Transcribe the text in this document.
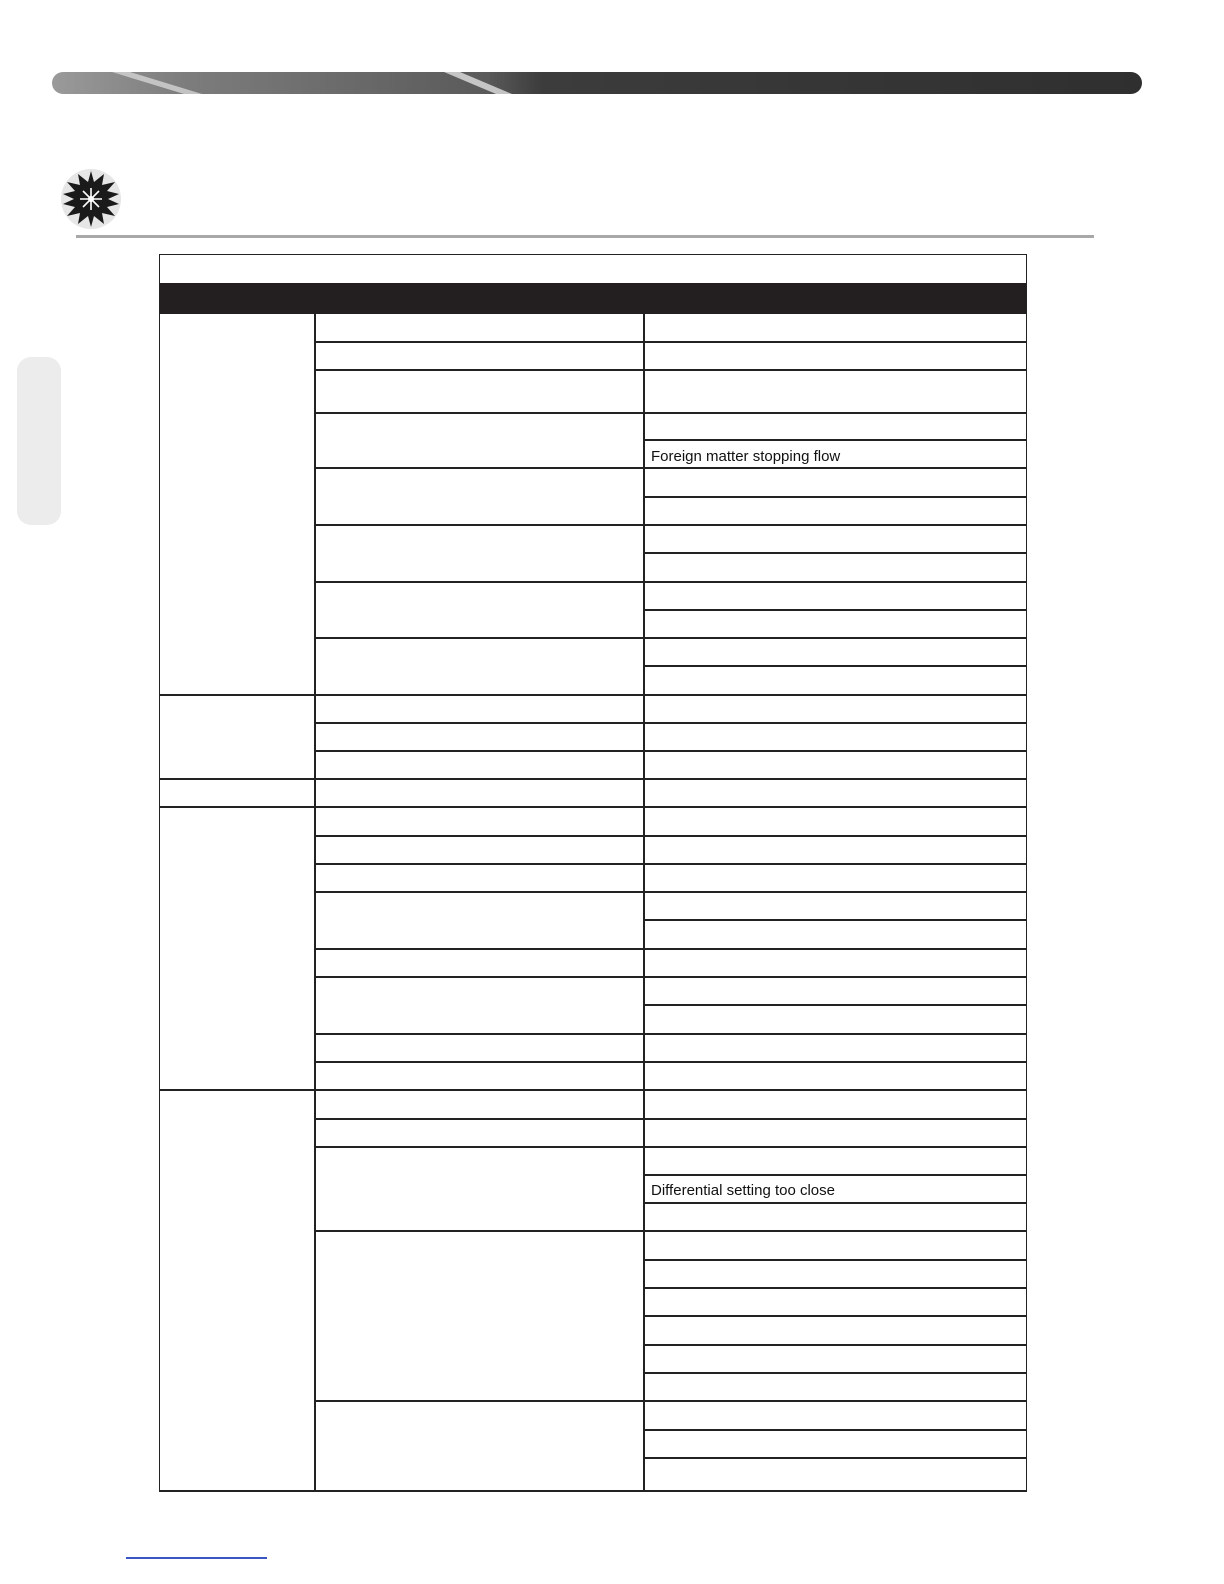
Foreign matter stopping flow
Differential setting too close
